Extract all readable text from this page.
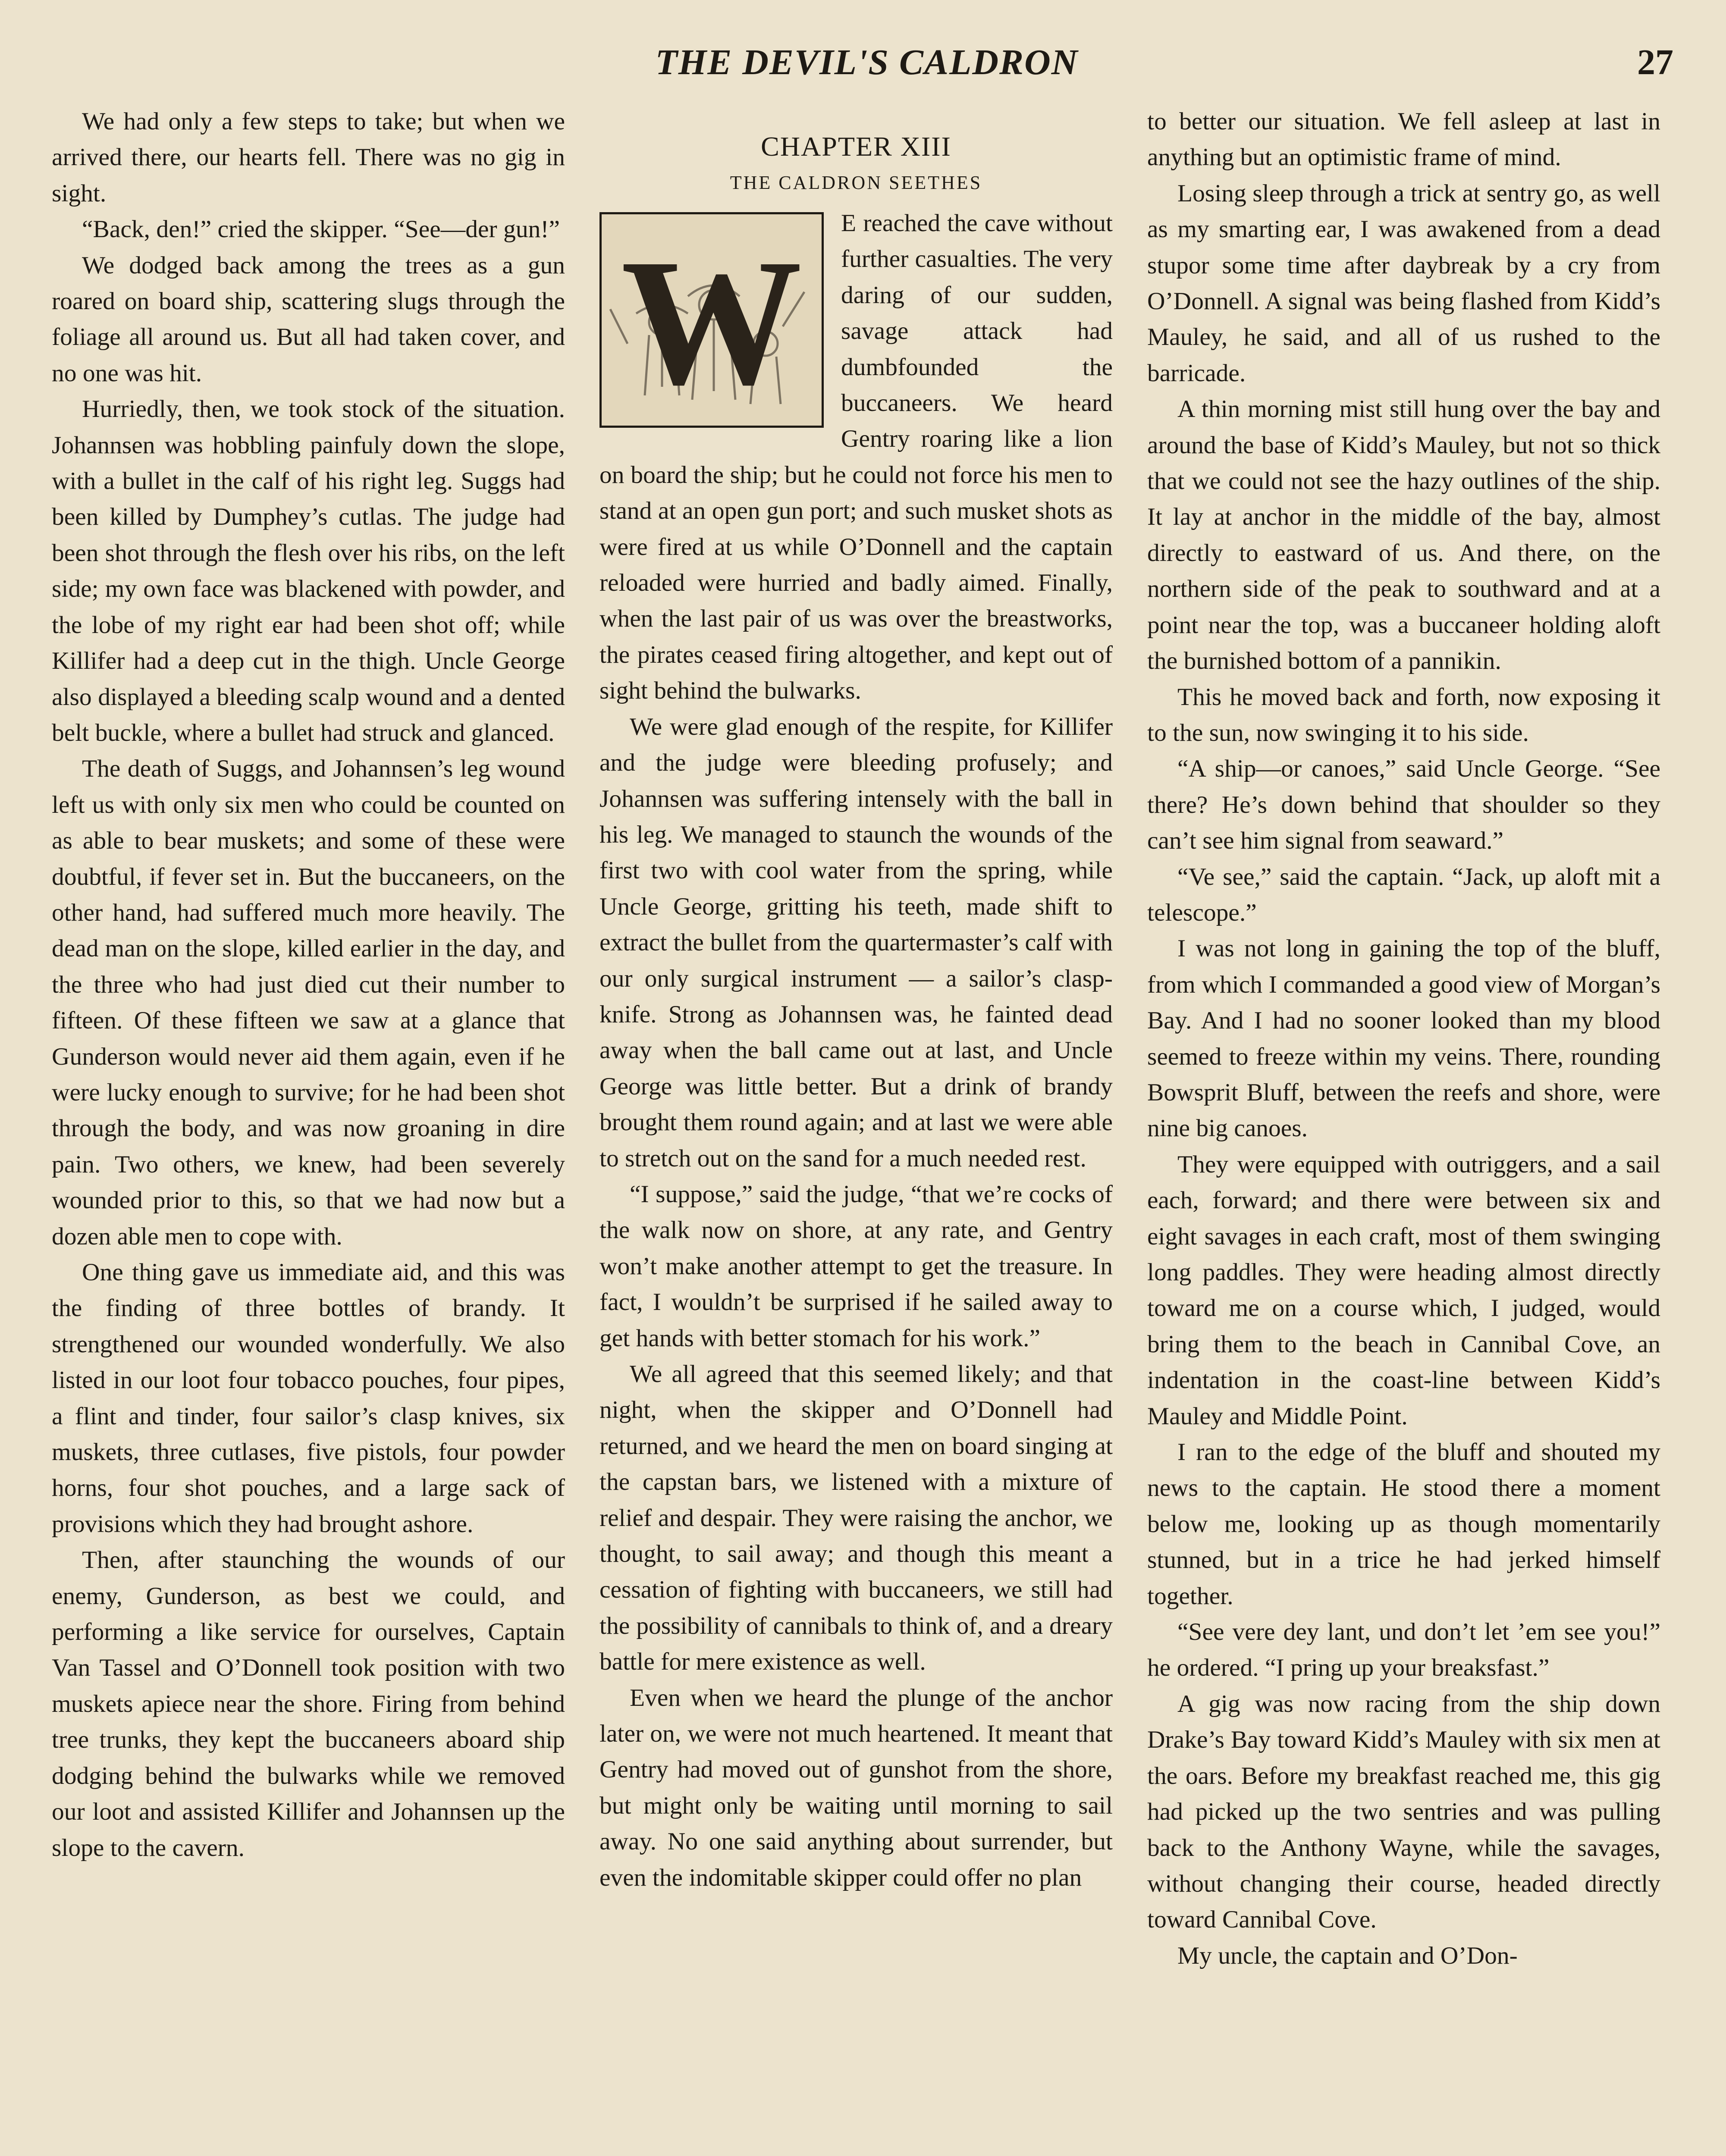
THE DEVIL'S CALDRON	27

We had only a few steps to take; but when we arrived there, our hearts fell. There was no gig in sight.

“Back, den!” cried the skipper. “See—der gun!”

We dodged back among the trees as a gun roared on board ship, scattering slugs through the foliage all around us. But all had taken cover, and no one was hit.

Hurriedly, then, we took stock of the situation. Johannsen was hobbling painfuly down the slope, with a bullet in the calf of his right leg. Suggs had been killed by Dumphey’s cutlas. The judge had been shot through the flesh over his ribs, on the left side; my own face was blackened with powder, and the lobe of my right ear had been shot off; while Killifer had a deep cut in the thigh. Uncle George also displayed a bleeding scalp wound and a dented belt buckle, where a bullet had struck and glanced.

The death of Suggs, and Johannsen’s leg wound left us with only six men who could be counted on as able to bear muskets; and some of these were doubtful, if fever set in. But the buccaneers, on the other hand, had suffered much more heavily. The dead man on the slope, killed earlier in the day, and the three who had just died cut their number to fifteen. Of these fifteen we saw at a glance that Gunderson would never aid them again, even if he were lucky enough to survive; for he had been shot through the body, and was now groaning in dire pain. Two others, we knew, had been severely wounded prior to this, so that we had now but a dozen able men to cope with.

One thing gave us immediate aid, and this was the finding of three bottles of brandy. It strengthened our wounded wonderfully. We also listed in our loot four tobacco pouches, four pipes, a flint and tinder, four sailor’s clasp knives, six muskets, three cutlases, five pistols, four powder horns, four shot pouches, and a large sack of provisions which they had brought ashore.

Then, after staunching the wounds of our enemy, Gunderson, as best we could, and performing a like service for ourselves, Captain Van Tassel and O’Donnell took position with two muskets apiece near the shore. Firing from behind tree trunks, they kept the buccaneers aboard ship dodging behind the bulwarks while we removed our loot and assisted Killifer and Johannsen up the slope to the cavern.

CHAPTER XIII
THE CALDRON SEETHES
W	E reached the cave without further casualties. The very daring of our sudden, savage attack had dumbfounded the buccaneers. We heard Gentry roaring like a lion on board the ship; but he could not force his men to stand at an open gun port; and such musket shots as were fired at us while O’Donnell and the captain reloaded were hurried and badly aimed. Finally, when the last pair of us was over the breastworks, the pirates ceased firing altogether, and kept out of sight behind the bulwarks.

We were glad enough of the respite, for Killifer and the judge were bleeding profusely; and Johannsen was suffering intensely with the ball in his leg. We managed to staunch the wounds of the first two with cool water from the spring, while Uncle George, gritting his teeth, made shift to extract the bullet from the quartermaster’s calf with our only surgical instrument — a sailor’s clasp-knife. Strong as Johannsen was, he fainted dead away when the ball came out at last, and Uncle George was little better. But a drink of brandy brought them round again; and at last we were able to stretch out on the sand for a much needed rest.

“I suppose,” said the judge, “that we’re cocks of the walk now on shore, at any rate, and Gentry won’t make another attempt to get the treasure. In fact, I wouldn’t be surprised if he sailed away to get hands with better stomach for his work.”

We all agreed that this seemed likely; and that night, when the skipper and O’Donnell had returned, and we heard the men on board singing at the capstan bars, we listened with a mixture of relief and despair. They were raising the anchor, we thought, to sail away; and though this meant a cessation of fighting with buccaneers, we still had the possibility of cannibals to think of, and a dreary battle for mere existence as well.

Even when we heard the plunge of the anchor later on, we were not much heartened. It meant that Gentry had moved out of gunshot from the shore, but might only be waiting until morning to sail away. No one said anything about surrender, but even the indomitable skipper could offer no plan

to better our situation. We fell asleep at last in anything but an optimistic frame of mind.

Losing sleep through a trick at sentry go, as well as my smarting ear, I was awakened from a dead stupor some time after daybreak by a cry from O’Donnell. A signal was being flashed from Kidd’s Mauley, he said, and all of us rushed to the barricade.

A thin morning mist still hung over the bay and around the base of Kidd’s Mauley, but not so thick that we could not see the hazy outlines of the ship. It lay at anchor in the middle of the bay, almost directly to eastward of us. And there, on the northern side of the peak to southward and at a point near the top, was a buccaneer holding aloft the burnished bottom of a pannikin.

This he moved back and forth, now exposing it to the sun, now swinging it to his side.

“A ship—or canoes,” said Uncle George. “See there? He’s down behind that shoulder so they can’t see him signal from seaward.”

“Ve see,” said the captain. “Jack, up aloft mit a telescope.”

I was not long in gaining the top of the bluff, from which I commanded a good view of Morgan’s Bay. And I had no sooner looked than my blood seemed to freeze within my veins. There, rounding Bowsprit Bluff, between the reefs and shore, were nine big canoes.

They were equipped with outriggers, and a sail each, forward; and there were between six and eight savages in each craft, most of them swinging long paddles. They were heading almost directly toward me on a course which, I judged, would bring them to the beach in Cannibal Cove, an indentation in the coast-line between Kidd’s Mauley and Middle Point.

I ran to the edge of the bluff and shouted my news to the captain. He stood there a moment below me, looking up as though momentarily stunned, but in a trice he had jerked himself together.

“See vere dey lant, und don’t let ’em see you!” he ordered. “I pring up your breaksfast.”

A gig was now racing from the ship down Drake’s Bay toward Kidd’s Mauley with six men at the oars. Before my breakfast reached me, this gig had picked up the two sentries and was pulling back to the Anthony Wayne, while the savages, without changing their course, headed directly toward Cannibal Cove.

My uncle, the captain and O’Don-
